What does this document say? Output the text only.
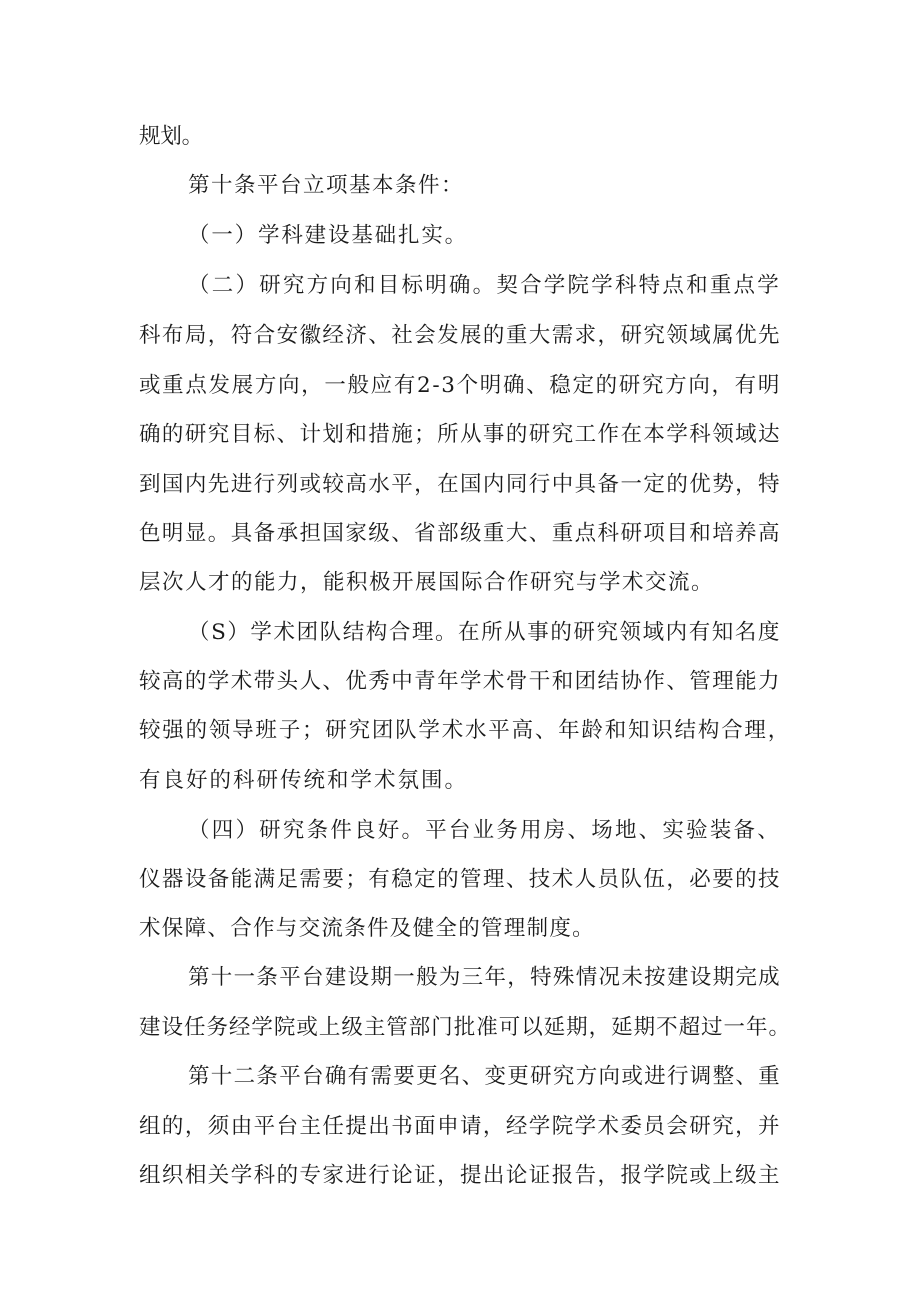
规划。
第十条平台立项基本条件：
（一）学科建设基础扎实。
（二）研究方向和目标明确。契合学院学科特点和重点学
科布局，符合安徽经济、社会发展的重大需求，研究领域属优先
或重点发展方向，一般应有2-3个明确、稳定的研究方向，有明
确的研究目标、计划和措施；所从事的研究工作在本学科领域达
到国内先进行列或较高水平，在国内同行中具备一定的优势，特
色明显。具备承担国家级、省部级重大、重点科研项目和培养高
层次人才的能力，能积极开展国际合作研究与学术交流。
（S）学术团队结构合理。在所从事的研究领域内有知名度
较高的学术带头人、优秀中青年学术骨干和团结协作、管理能力
较强的领导班子；研究团队学术水平高、年龄和知识结构合理，
有良好的科研传统和学术氛围。
（四）研究条件良好。平台业务用房、场地、实验装备、
仪器设备能满足需要；有稳定的管理、技术人员队伍，必要的技
术保障、合作与交流条件及健全的管理制度。
第十一条平台建设期一般为三年，特殊情况未按建设期完成
建设任务经学院或上级主管部门批准可以延期，延期不超过一年。
第十二条平台确有需要更名、变更研究方向或进行调整、重
组的，须由平台主任提出书面申请，经学院学术委员会研究，并
组织相关学科的专家进行论证，提出论证报告，报学院或上级主
